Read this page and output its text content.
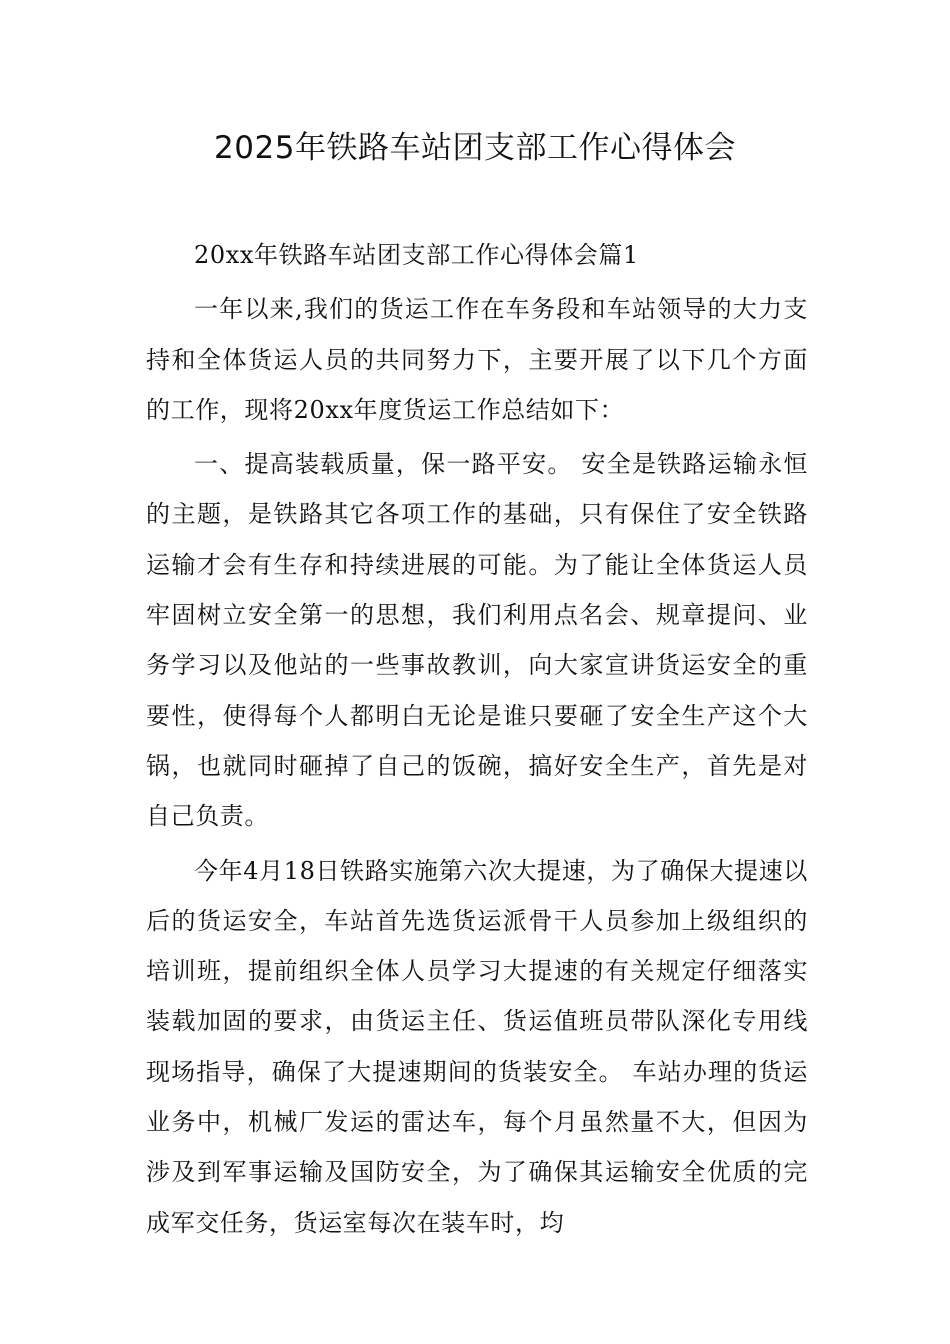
2025年铁路车站团支部工作心得体会

20xx年铁路车站团支部工作心得体会篇1

一年以来,我们的货运工作在车务段和车站领导的大力支持和全体货运人员的共同努力下，主要开展了以下几个方面的工作，现将20xx年度货运工作总结如下：

一、提高装载质量，保一路平安。 安全是铁路运输永恒的主题，是铁路其它各项工作的基础，只有保住了安全铁路运输才会有生存和持续进展的可能。为了能让全体货运人员牢固树立安全第一的思想，我们利用点名会、规章提问、业务学习以及他站的一些事故教训，向大家宣讲货运安全的重要性，使得每个人都明白无论是谁只要砸了安全生产这个大锅，也就同时砸掉了自己的饭碗，搞好安全生产，首先是对自己负责。

今年4月18日铁路实施第六次大提速，为了确保大提速以后的货运安全，车站首先选货运派骨干人员参加上级组织的培训班，提前组织全体人员学习大提速的有关规定仔细落实装载加固的要求，由货运主任、货运值班员带队深化专用线现场指导，确保了大提速期间的货装安全。 车站办理的货运业务中，机械厂发运的雷达车，每个月虽然量不大，但因为涉及到军事运输及国防安全，为了确保其运输安全优质的完成军交任务，货运室每次在装车时，均
